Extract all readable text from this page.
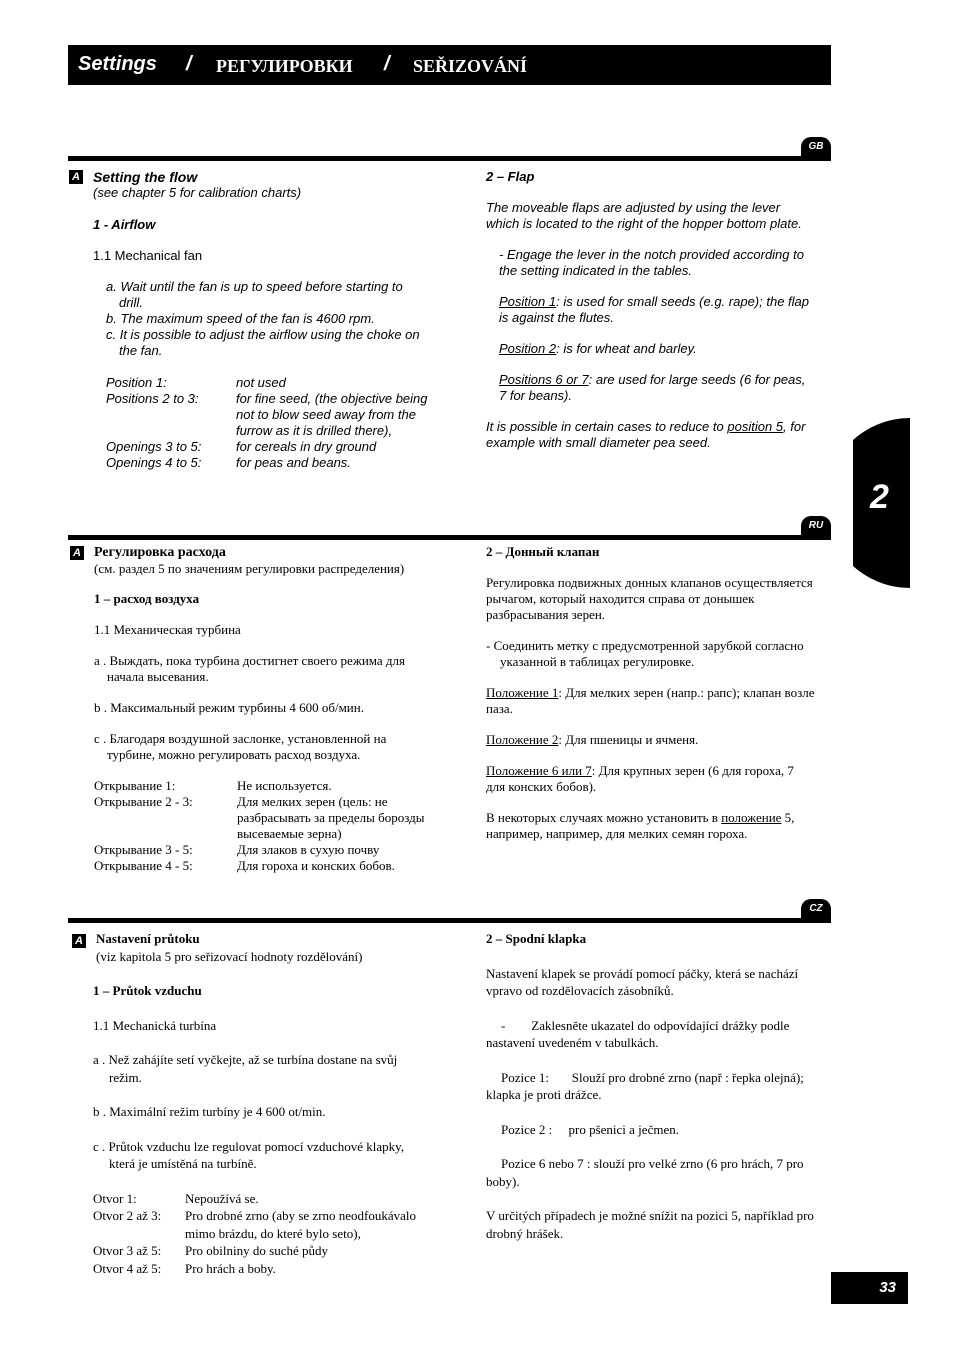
Settings / РЕГУЛИРОВКИ / SEŘIZOVÁNÍ
2
GB
A Setting the flow

(see chapter 5 for calibration charts)

1 - Airflow

1.1 Mechanical fan

a. Wait until the fan is up to speed before starting to drill.
b. The maximum speed of the fan is 4600 rpm.
c. It is possible to adjust the airflow using the choke on the fan.
Position 1:	not used
Positions 2 to 3:	for fine seed, (the objective being not to blow seed away from the furrow as it is drilled there),
Openings 3 to 5:	for cereals in dry ground
Openings 4 to 5:	for peas and beans.

2 – Flap

The moveable flaps are adjusted by using the lever which is located to the right of the hopper bottom plate.

- Engage the lever in the notch provided according to the setting indicated in the tables.

Position 1: is used for small seeds (e.g. rape); the flap is against the flutes.

Position 2: is for wheat and barley.

Positions 6 or 7: are used for large seeds (6 for peas, 7 for beans).

It is possible in certain cases to reduce to position 5, for example with small diameter pea seed.

RU
A Регулировка расхода

(см. раздел 5 по значениям регулировки распределения)

1 – расход воздуха

1.1 Механическая турбина

a . Выждать, пока турбина достигнет своего режима для начала высевания.
b . Максимальный режим турбины 4 600 об/мин.
c . Благодаря воздушной заслонке, установленной на турбине, можно регулировать расход воздуха.
Открывание 1:	Не используется.
Открывание 2 - 3:	Для мелких зерен (цель: не разбрасывать за пределы борозды высеваемые зерна)
Открывание 3 - 5:	Для злаков в сухую почву
Открывание 4 - 5:	Для гороха и конских бобов.

2 – Донный клапан

Регулировка подвижных донных клапанов осуществляется рычагом, который находится справа от донышек разбрасывания зерен.

- Соединить метку с предусмотренной зарубкой согласно

указанной в таблицах регулировке.

Положение 1: Для мелких зерен (напр.: рапс); клапан возле паза.

Положение 2: Для пшеницы и ячменя.

Положение 6 или 7: Для крупных зерен (6 для гороха, 7 для конских бобов).

В некоторых случаях можно установить в положение 5, например, например, для мелких семян гороха.

CZ
A Nastavení průtoku

(viz kapitola 5 pro seřizovací hodnoty rozdělování)

1 – Průtok vzduchu

1.1 Mechanická turbína

a . Než zahájíte setí vyčkejte, až se turbína dostane na svůj režim.
b . Maximální režim turbíny je 4 600 ot/min.
c . Průtok vzduchu lze regulovat pomocí vzduchové klapky, která je umístěná na turbíně.
Otvor 1:	Nepoužívá se.
Otvor 2 až 3:	Pro drobné zrno (aby se zrno neodfoukávalo mimo brázdu, do které bylo seto),
Otvor 3 až 5:	Pro obilniny do suché půdy
Otvor 4 až 5:	Pro hrách a boby.

2 – Spodní klapka

Nastavení klapek se provádí pomocí páčky, která se nachází vpravo od rozdělovacích zásobníků.

-        Zaklesněte ukazatel do odpovídající drážky podle nastavení uvedeném v tabulkách.

Pozice 1:       Slouží pro drobné zrno (např : řepka olejná); klapka je proti drážce.

Pozice 2 :     pro pšenici a ječmen.

Pozice 6 nebo 7 : slouží pro velké zrno (6 pro hrách, 7 pro boby).

V určitých případech je možné snížit na pozici 5, například pro drobný hrášek.

33
